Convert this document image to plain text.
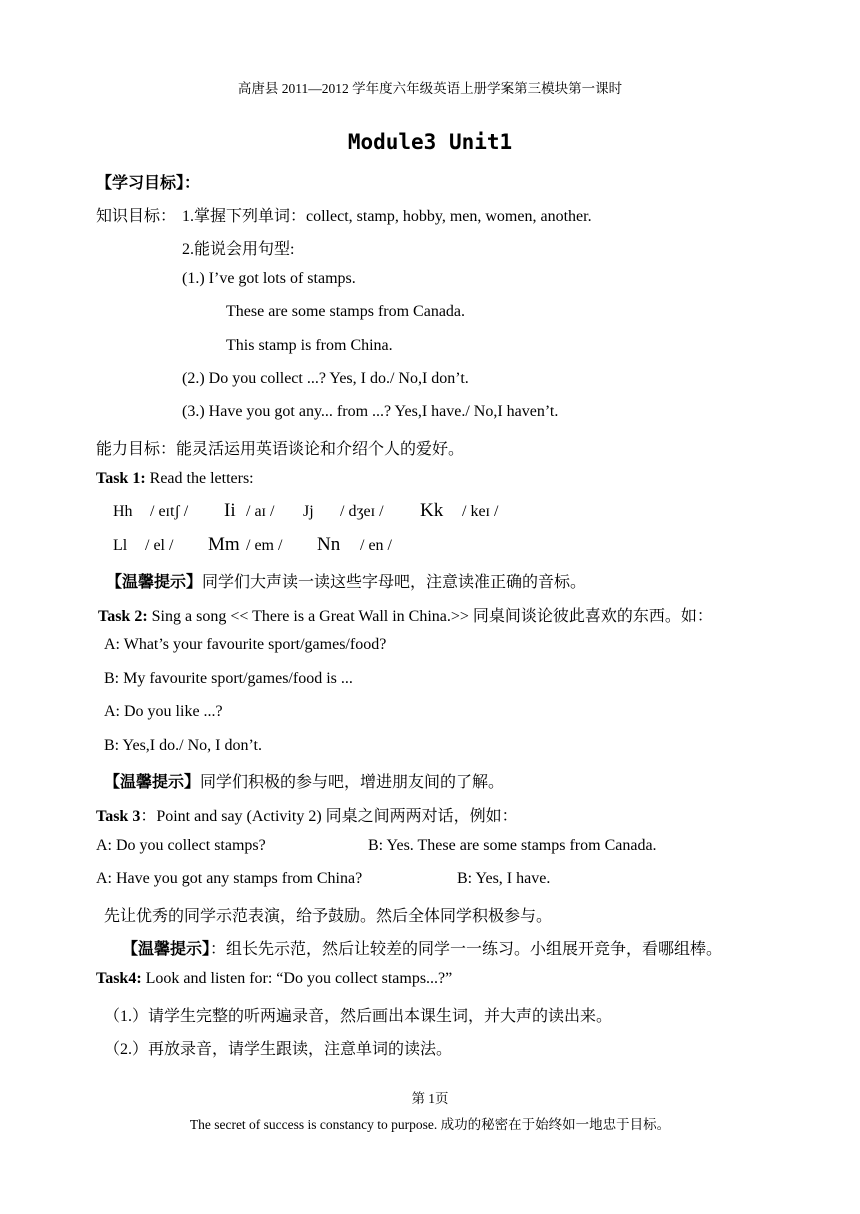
高唐县 2011—2012 学年度六年级英语上册学案第三模块第一课时
Module3 Unit1
【学习目标】：
知识目标： 1.掌握下列单词：collect, stamp, hobby, men, women, another.
2.能说会用句型:
(1.) I’ve got lots of stamps.
These are some stamps from Canada.
This stamp is from China.
(2.) Do you collect ...? Yes, I do./ No,I don’t.
(3.) Have you got any... from ...? Yes,I have./ No,I haven’t.
能力目标：能灵活运用英语谈论和介绍个人的爱好。
Task 1: Read the letters:
Hh / eɪtʃ / Ii / aɪ / Jj / dʒeɪ / Kk / keɪ /
Ll / el / Mm / em / Nn / en /
【温馨提示】同学们大声读一读这些字母吧，注意读准正确的音标。
Task 2: Sing a song << There is a Great Wall in China.>> 同桌间谈论彼此喜欢的东西。如：
A: What’s your favourite sport/games/food?
B: My favourite sport/games/food is ...
A: Do you like ...?
B: Yes,I do./ No, I don’t.
【温馨提示】同学们积极的参与吧，增进朋友间的了解。
Task 3：Point and say (Activity 2) 同桌之间两两对话，例如：
A: Do you collect stamps?	B: Yes. These are some stamps from Canada.
A: Have you got any stamps from China?	B: Yes, I have.
先让优秀的同学示范表演，给予鼓励。然后全体同学积极参与。
【温馨提示】：组长先示范，然后让较差的同学一一练习。小组展开竞争，看哪组棒。
Task4: Look and listen for: “Do you collect stamps...?”
（1.）请学生完整的听两遍录音，然后画出本课生词，并大声的读出来。
（2.）再放录音，请学生跟读，注意单词的读法。
第 1页
The secret of success is constancy to purpose. 成功的秘密在于始终如一地忠于目标。
